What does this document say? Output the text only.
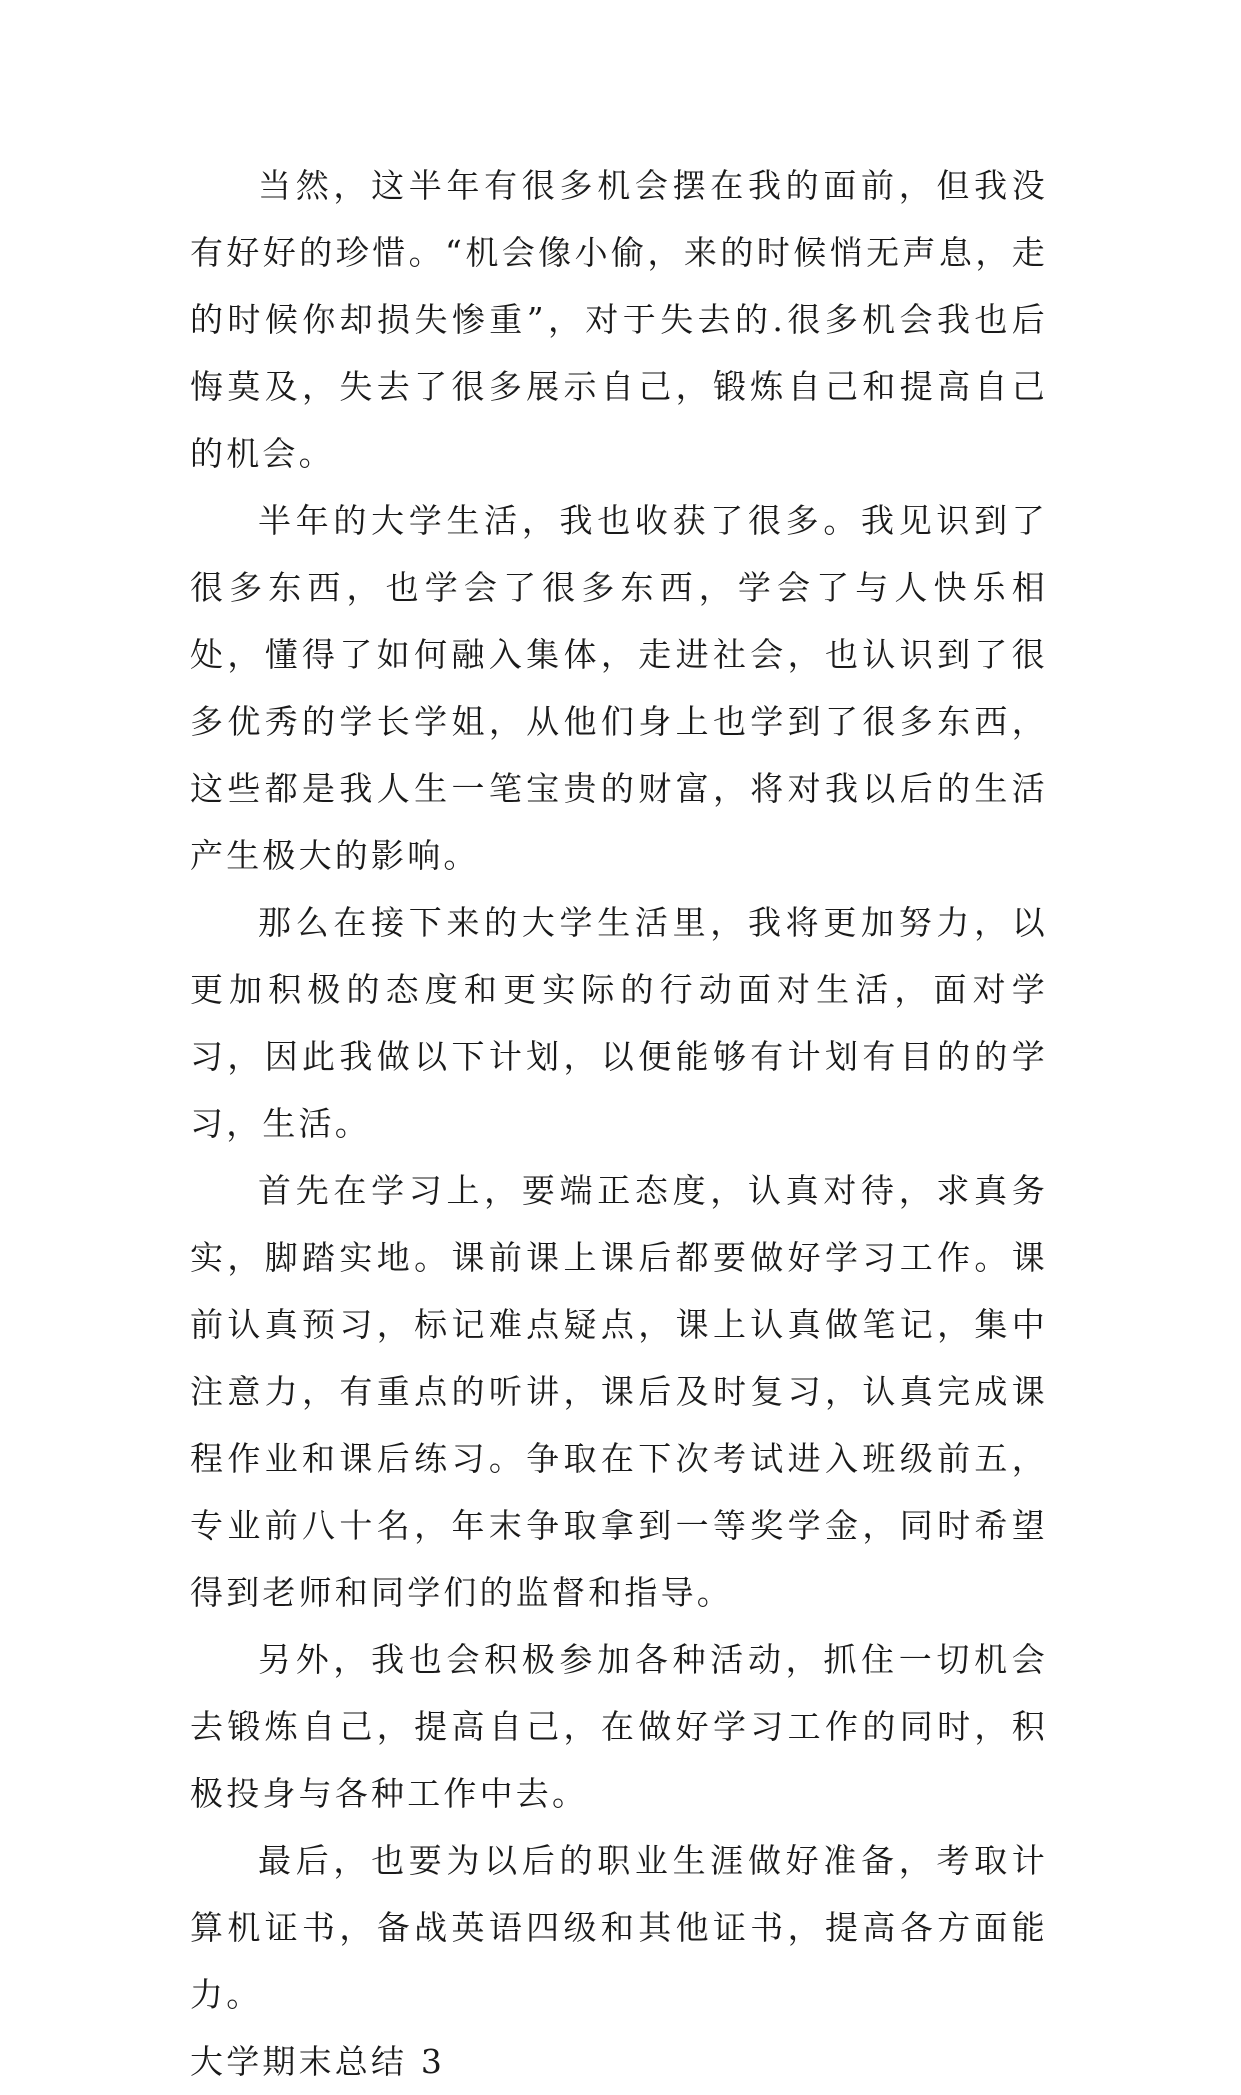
当然，这半年有很多机会摆在我的面前，但我没有好好的珍惜。“机会像小偷，来的时候悄无声息，走的时候你却损失惨重”，对于失去的.很多机会我也后悔莫及，失去了很多展示自己，锻炼自己和提高自己的机会。

半年的大学生活，我也收获了很多。我见识到了很多东西，也学会了很多东西，学会了与人快乐相处，懂得了如何融入集体，走进社会，也认识到了很多优秀的学长学姐，从他们身上也学到了很多东西，这些都是我人生一笔宝贵的财富，将对我以后的生活产生极大的影响。

那么在接下来的大学生活里，我将更加努力，以更加积极的态度和更实际的行动面对生活，面对学习，因此我做以下计划，以便能够有计划有目的的学习，生活。

首先在学习上，要端正态度，认真对待，求真务实，脚踏实地。课前课上课后都要做好学习工作。课前认真预习，标记难点疑点，课上认真做笔记，集中注意力，有重点的听讲，课后及时复习，认真完成课程作业和课后练习。争取在下次考试进入班级前五，专业前八十名，年末争取拿到一等奖学金，同时希望得到老师和同学们的监督和指导。

另外，我也会积极参加各种活动，抓住一切机会去锻炼自己，提高自己，在做好学习工作的同时，积极投身与各种工作中去。

最后，也要为以后的职业生涯做好准备，考取计算机证书，备战英语四级和其他证书，提高各方面能力。

大学期末总结 3
